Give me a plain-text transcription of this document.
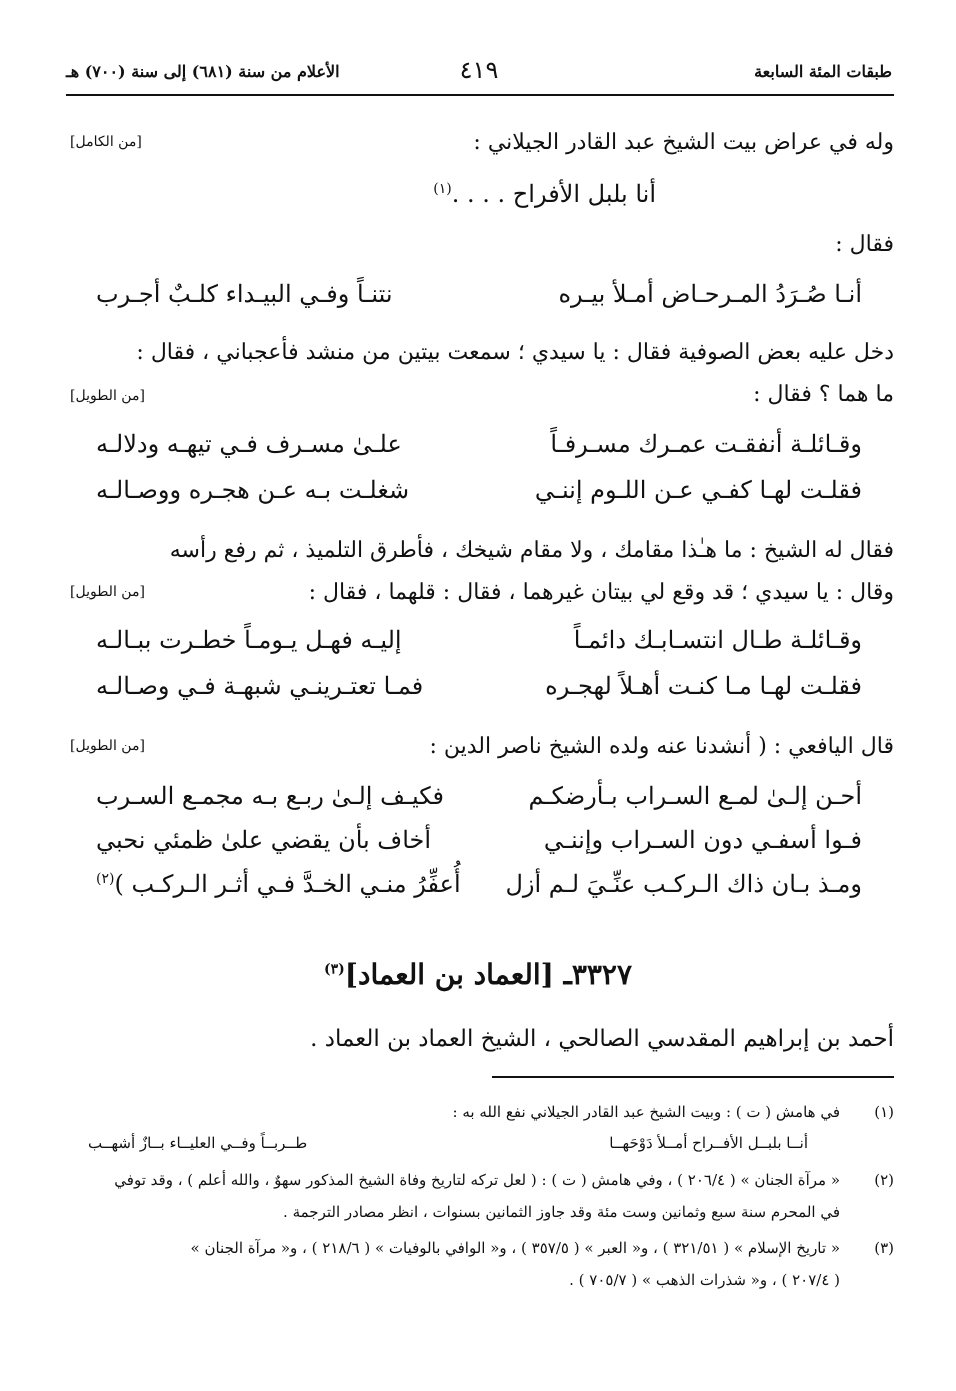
طبقات المئة السابعة
٤١٩
الأعلام من سنة (٦٨١) إلى سنة (٧٠٠) هـ
وله في عراض بيت الشيخ عبد القادر الجيلاني :
[من الكامل]
أنا بلبل الأفراح . . . .$^{(١)}$
فقال :
أنـا صُـرَدُ المـرحـاض أمـلأ بيـره
نتنـاً وفـي البيـداء كلـبٌ أجـرب
دخل عليه بعض الصوفية فقال : يا سيدي ؛ سمعت بيتين من منشد فأعجباني ، فقال :
ما هما ؟ فقال :
[من الطويل]
وقـائلـة أنفقـت عمـرك مسـرفـاً
علـىٰ مسـرف فـي تيهـه ودلالـه
فقلـت لهـا كفـي عـن اللـوم إننـي
شغلـت بـه عـن هجـره ووصـالـه
فقال له الشيخ : ما هـٰذا مقامك ، ولا مقام شيخك ، فأطرق التلميذ ، ثم رفع رأسه
وقال : يا سيدي ؛ قد وقع لي بيتان غيرهما ، فقال : قلهما ، فقال :
[من الطويل]
وقـائلـة طـال انتسـابـك دائمـاً
إليـه فهـل يـومـاً خطـرت ببـالـه
فقلـت لهـا مـا كنـت أهـلاً لهجـره
فمـا تعتـرينـي شبهـة فـي وصـالـه
قال اليافعي : ( أنشدنا عنه ولده الشيخ ناصر الدين :
[من الطويل]
أحـن إلـىٰ لمـع السـراب بـأرضكـم
فكيـف إلـىٰ ربـع بـه مجمـع السـرب
فـوا أسفـي دون السـراب وإننـي
أخاف بأن يقضي علىٰ ظمئي نحبي
ومـذ بـان ذاك الـركـب عنِّـيَ لـم أزل
أُعفِّرُ منـي الخـدَّ فـي أثـر الـركـب )$^{(٢)}$
٣٣٢٧ـ [العماد بن العماد]$^{(٣)}$
أحمد بن إبراهيم المقدسي الصالحي ، الشيخ العماد بن العماد .
(١)
في هامش ( ت ) : وبيت الشيخ عبد القادر الجيلاني نفع الله به :
أنــا بلبــل الأفــراح أمــلأ دَوْحَهــا
طــربــاً وفــي العليــاء بــازٌ أشهــب
(٢)
« مرآة الجنان » ( ٢٠٦/٤ ) ، وفي هامش ( ت ) : ( لعل تركه لتاريخ وفاة الشيخ المذكور سهوٌ ، والله أعلم ) ، وقد توفي
في المحرم سنة سبع وثمانين وست مئة وقد جاوز الثمانين بسنوات ، انظر مصادر الترجمة .
(٣)
« تاريخ الإسلام » ( ٣٢١/٥١ ) ، و« العبر » ( ٣٥٧/٥ ) ، و« الوافي بالوفيات » ( ٢١٨/٦ ) ، و« مرآة الجنان »
( ٢٠٧/٤ ) ، و« شذرات الذهب » ( ٧٠٥/٧ ) .
